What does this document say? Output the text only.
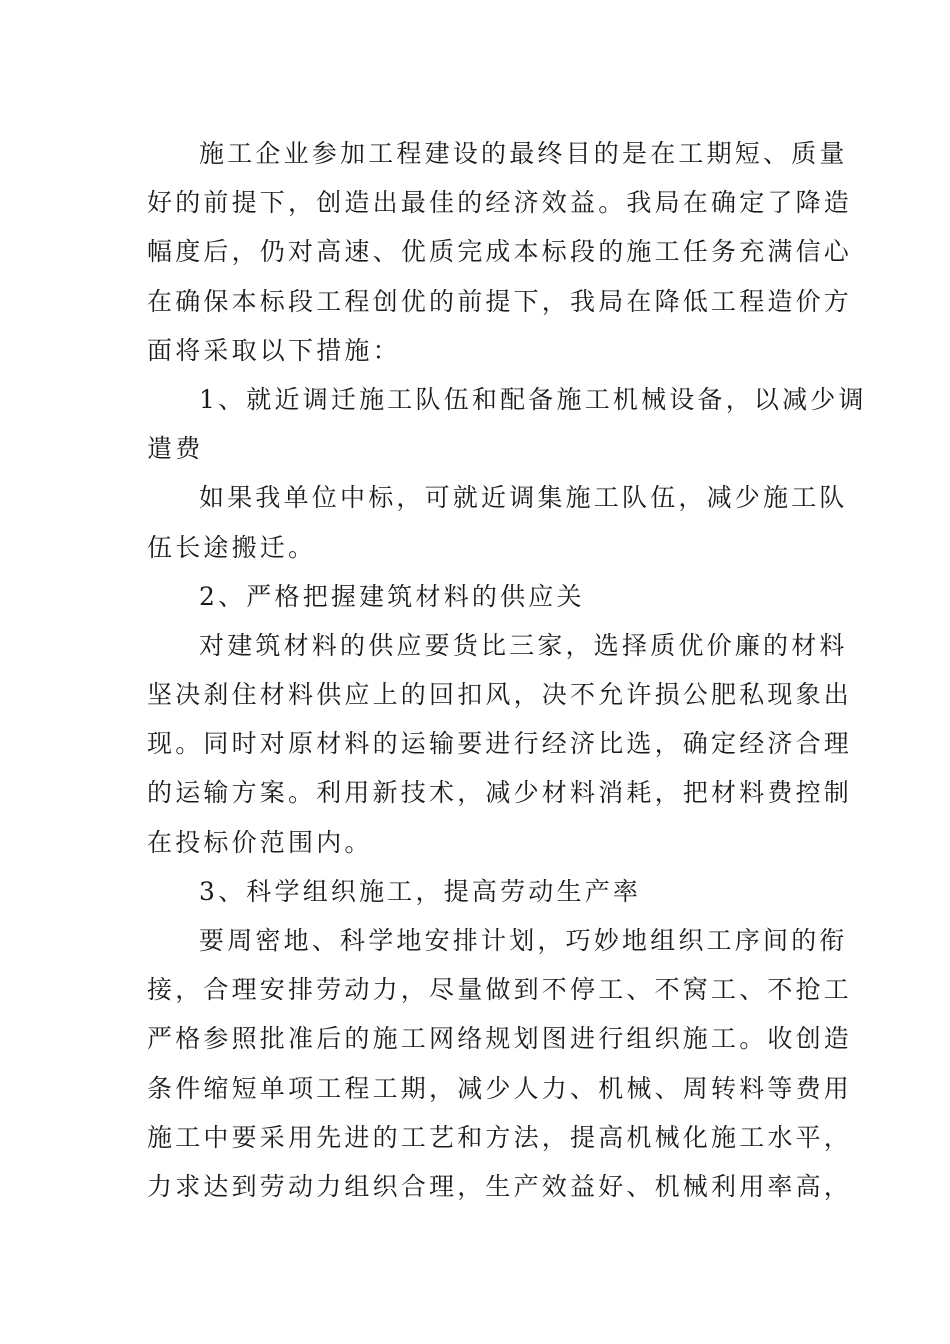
施工企业参加工程建设的最终目的是在工期短、质量
好的前提下，创造出最佳的经济效益。我局在确定了降造
幅度后，仍对高速、优质完成本标段的施工任务充满信心
在确保本标段工程创优的前提下，我局在降低工程造价方
面将采取以下措施：
1、就近调迁施工队伍和配备施工机械设备，以减少调
遣费
如果我单位中标，可就近调集施工队伍，减少施工队
伍长途搬迁。
2、严格把握建筑材料的供应关
对建筑材料的供应要货比三家，选择质优价廉的材料
坚决刹住材料供应上的回扣风，决不允许损公肥私现象出
现。同时对原材料的运输要进行经济比选，确定经济合理
的运输方案。利用新技术，减少材料消耗，把材料费控制
在投标价范围内。
3、科学组织施工，提高劳动生产率
要周密地、科学地安排计划，巧妙地组织工序间的衔
接，合理安排劳动力，尽量做到不停工、不窝工、不抢工
严格参照批准后的施工网络规划图进行组织施工。收创造
条件缩短单项工程工期，减少人力、机械、周转料等费用
施工中要采用先进的工艺和方法，提高机械化施工水平，
力求达到劳动力组织合理，生产效益好、机械利用率高，
